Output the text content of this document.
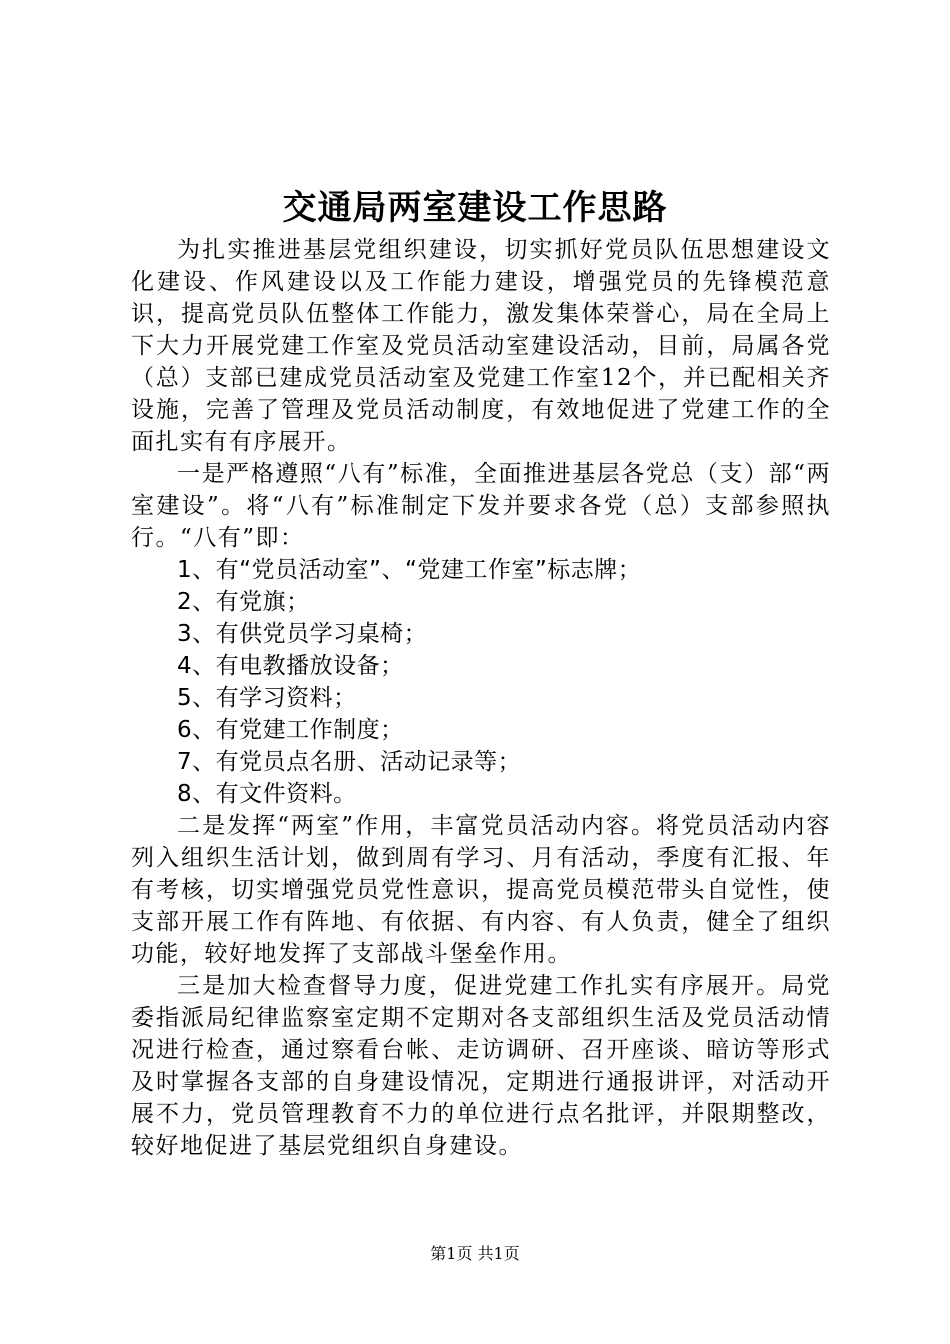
交通局两室建设工作思路

为扎实推进基层党组织建设，切实抓好党员队伍思想建设文化建设、作风建设以及工作能力建设，增强党员的先锋模范意识，提高党员队伍整体工作能力，激发集体荣誉心，局在全局上下大力开展党建工作室及党员活动室建设活动，目前，局属各党（总）支部已建成党员活动室及党建工作室12个，并已配相关齐设施，完善了管理及党员活动制度，有效地促进了党建工作的全面扎实有有序展开。

一是严格遵照“八有”标准，全面推进基层各党总（支）部“两室建设”。将“八有”标准制定下发并要求各党（总）支部参照执行。“八有”即：

1、有“党员活动室”、“党建工作室”标志牌；
2、有党旗；
3、有供党员学习桌椅；
4、有电教播放设备；
5、有学习资料；
6、有党建工作制度；
7、有党员点名册、活动记录等；
8、有文件资料。

二是发挥“两室”作用，丰富党员活动内容。将党员活动内容列入组织生活计划，做到周有学习、月有活动，季度有汇报、年有考核，切实增强党员党性意识，提高党员模范带头自觉性，使支部开展工作有阵地、有依据、有内容、有人负责，健全了组织功能，较好地发挥了支部战斗堡垒作用。

三是加大检查督导力度，促进党建工作扎实有序展开。局党委指派局纪律监察室定期不定期对各支部组织生活及党员活动情况进行检查，通过察看台帐、走访调研、召开座谈、暗访等形式及时掌握各支部的自身建设情况，定期进行通报讲评，对活动开展不力，党员管理教育不力的单位进行点名批评，并限期整改，较好地促进了基层党组织自身建设。

第1页 共1页
